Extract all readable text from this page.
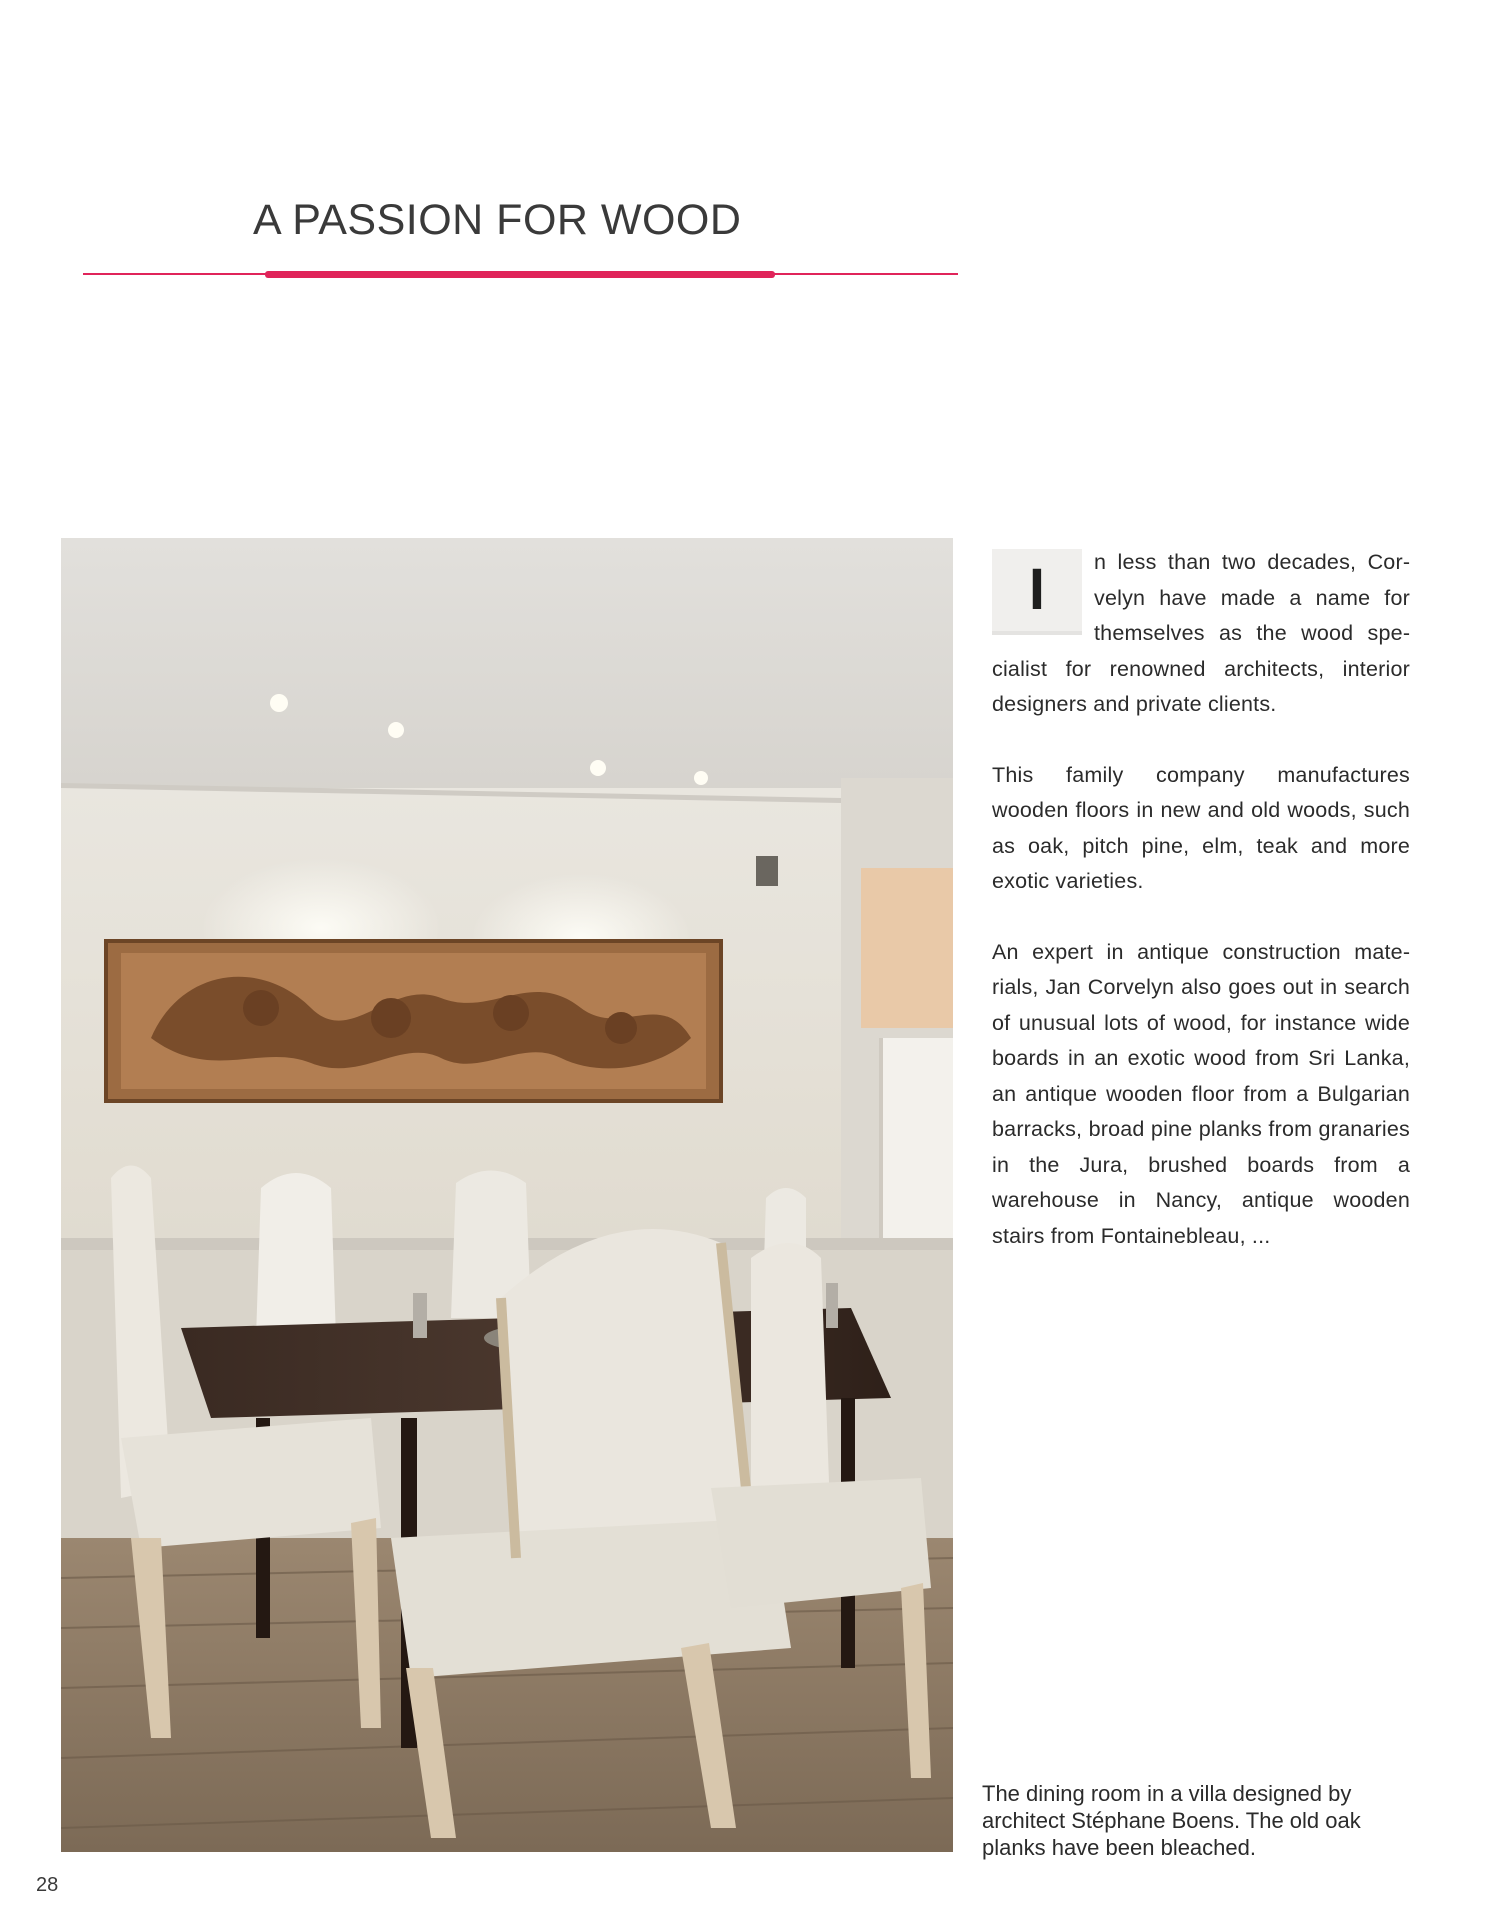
A PASSION FOR WOOD

I	n less than two decades, Corvelyn have made a name for themselves as the wood specialist for renowned architects, interior designers and private clients.

This family company manufactures wooden floors in new and old woods, such as oak, pitch pine, elm, teak and more exotic varieties.

An expert in antique construction materials, Jan Corvelyn also goes out in search of unusual lots of wood, for instance wide boards in an exotic wood from Sri Lanka, an antique wooden floor from a Bulgarian barracks, broad pine planks from granaries in the Jura, brushed boards from a warehouse in Nancy, antique wooden stairs from Fontainebleau, ...

The dining room in a villa designed by architect Stéphane Boens. The old oak planks have been bleached.
28
